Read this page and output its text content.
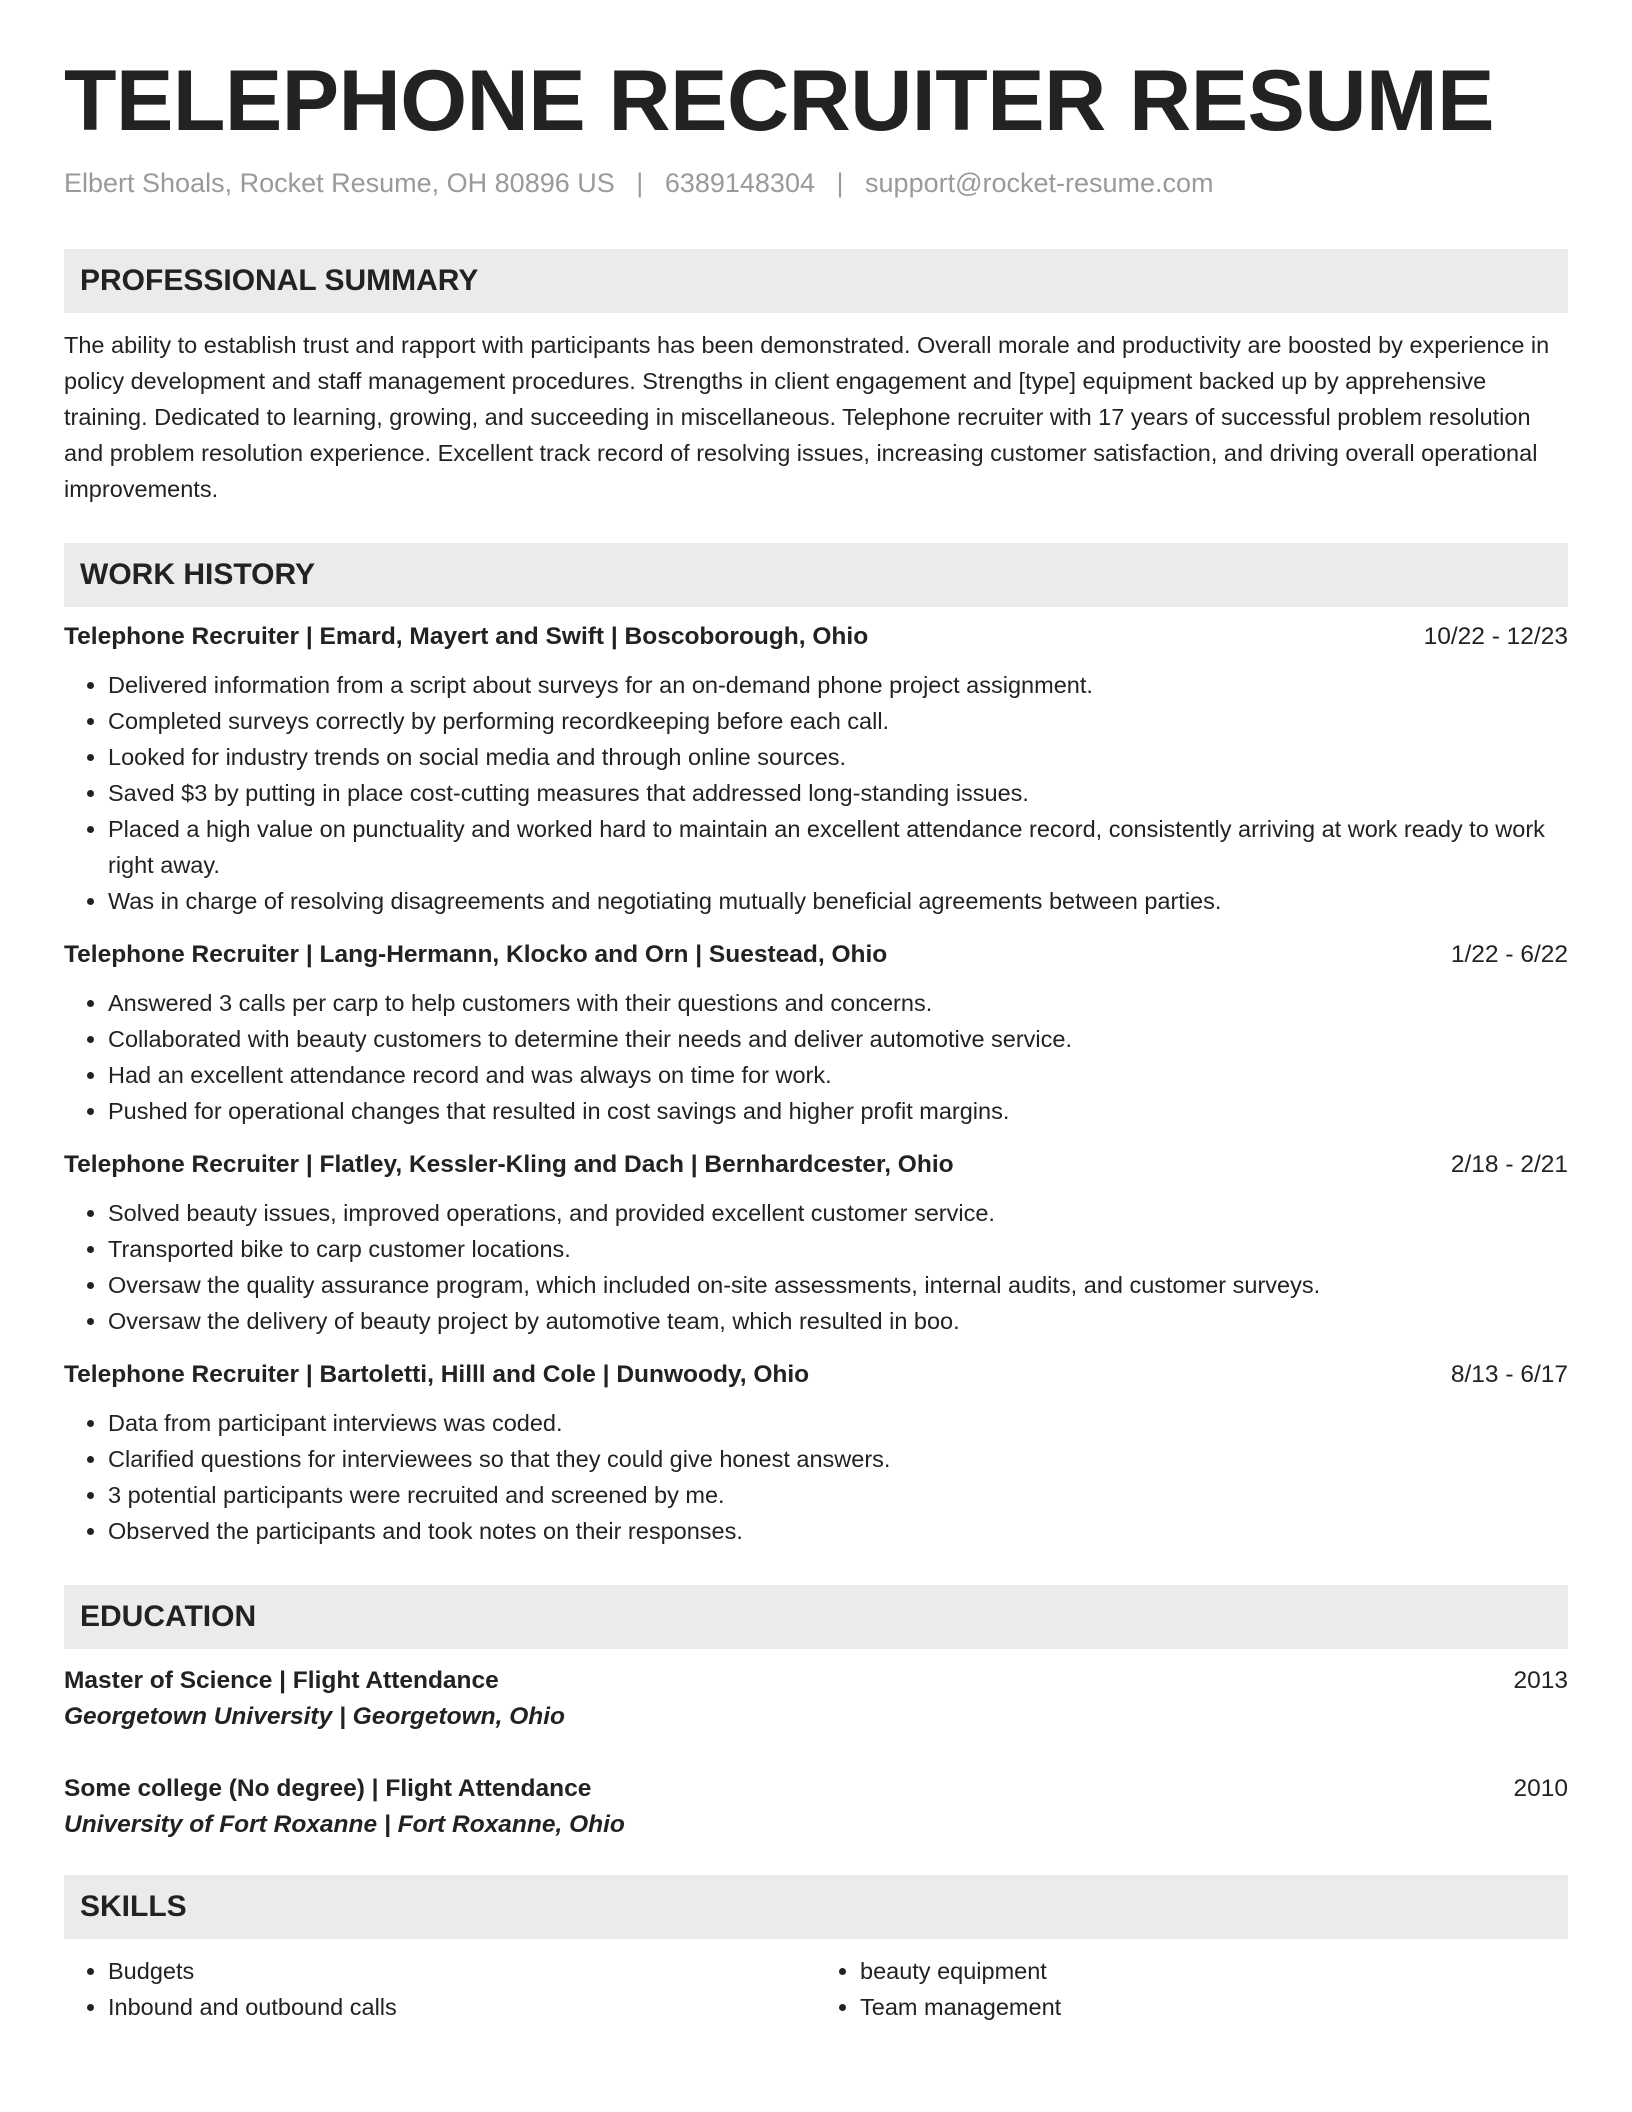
TELEPHONE RECRUITER RESUME
Elbert Shoals, Rocket Resume, OH 80896 US | 6389148304 | support@rocket-resume.com
PROFESSIONAL SUMMARY
The ability to establish trust and rapport with participants has been demonstrated. Overall morale and productivity are boosted by experience in policy development and staff management procedures. Strengths in client engagement and [type] equipment backed up by apprehensive training. Dedicated to learning, growing, and succeeding in miscellaneous. Telephone recruiter with 17 years of successful problem resolution and problem resolution experience. Excellent track record of resolving issues, increasing customer satisfaction, and driving overall operational improvements.
WORK HISTORY
Telephone Recruiter | Emard, Mayert and Swift | Boscoborough, Ohio	10/22 - 12/23
• Delivered information from a script about surveys for an on-demand phone project assignment.
• Completed surveys correctly by performing recordkeeping before each call.
• Looked for industry trends on social media and through online sources.
• Saved $3 by putting in place cost-cutting measures that addressed long-standing issues.
• Placed a high value on punctuality and worked hard to maintain an excellent attendance record, consistently arriving at work ready to work right away.
• Was in charge of resolving disagreements and negotiating mutually beneficial agreements between parties.
Telephone Recruiter | Lang-Hermann, Klocko and Orn | Suestead, Ohio	1/22 - 6/22
• Answered 3 calls per carp to help customers with their questions and concerns.
• Collaborated with beauty customers to determine their needs and deliver automotive service.
• Had an excellent attendance record and was always on time for work.
• Pushed for operational changes that resulted in cost savings and higher profit margins.
Telephone Recruiter | Flatley, Kessler-Kling and Dach | Bernhardcester, Ohio	2/18 - 2/21
• Solved beauty issues, improved operations, and provided excellent customer service.
• Transported bike to carp customer locations.
• Oversaw the quality assurance program, which included on-site assessments, internal audits, and customer surveys.
• Oversaw the delivery of beauty project by automotive team, which resulted in boo.
Telephone Recruiter | Bartoletti, Hilll and Cole | Dunwoody, Ohio	8/13 - 6/17
• Data from participant interviews was coded.
• Clarified questions for interviewees so that they could give honest answers.
• 3 potential participants were recruited and screened by me.
• Observed the participants and took notes on their responses.
EDUCATION
Master of Science | Flight Attendance	2013
Georgetown University | Georgetown, Ohio
Some college (No degree) | Flight Attendance	2010
University of Fort Roxanne | Fort Roxanne, Ohio
SKILLS
• Budgets
• Inbound and outbound calls
• beauty equipment
• Team management
